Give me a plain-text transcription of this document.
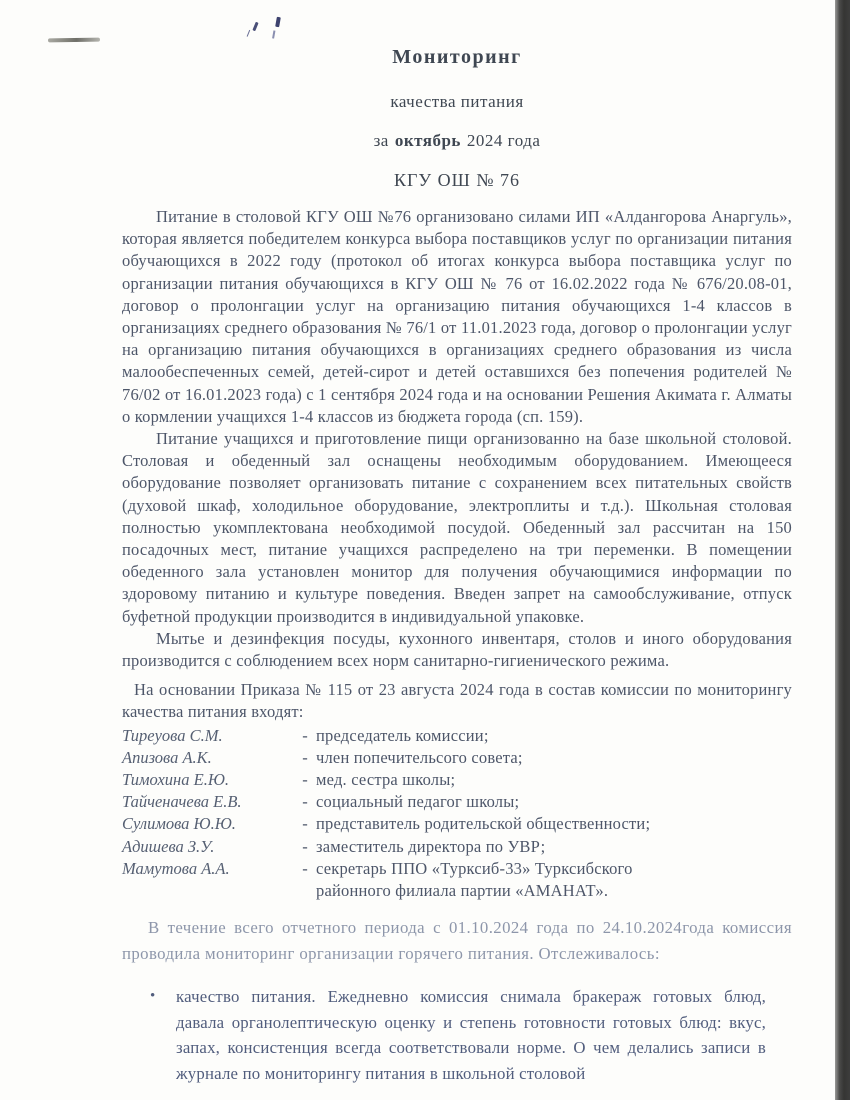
Мониторинг
качества питания
за октябрь 2024 года
КГУ ОШ № 76

Питание в столовой КГУ ОШ №76 организовано силами ИП «Алдангорова Анаргуль», которая является победителем конкурса выбора поставщиков услуг по организации питания обучающихся в 2022 году (протокол об итогах конкурса выбора поставщика услуг по организации питания обучающихся в КГУ ОШ № 76 от 16.02.2022 года № 676/20.08-01, договор о пролонгации услуг на организацию питания обучающихся 1-4 классов в организациях среднего образования № 76/1 от 11.01.2023 года, договор о пролонгации услуг на организацию питания обучающихся в организациях среднего образования из числа малообеспеченных семей, детей-сирот и детей оставшихся без попечения родителей № 76/02 от 16.01.2023 года) с 1 сентября 2024 года и на основании Решения Акимата г. Алматы о кормлении учащихся 1-4 классов из бюджета города (сп. 159).

Питание учащихся и приготовление пищи организованно на базе школьной столовой. Столовая и обеденный зал оснащены необходимым оборудованием. Имеющееся оборудование позволяет организовать питание с сохранением всех питательных свойств (духовой шкаф, холодильное оборудование, электроплиты и т.д.). Школьная столовая полностью укомплектована необходимой посудой. Обеденный зал рассчитан на 150 посадочных мест, питание учащихся распределено на три переменки. В помещении обеденного зала установлен монитор для получения обучающимися информации по здоровому питанию и культуре поведения. Введен запрет на самообслуживание, отпуск буфетной продукции производится в индивидуальной упаковке.

Мытье и дезинфекция посуды, кухонного инвентаря, столов и иного оборудования производится с соблюдением всех норм санитарно-гигиенического режима.

На основании Приказа № 115 от 23 августа 2024 года в состав комиссии по мониторингу качества питания входят:

Тиреуова С.М.	- председатель комиссии;
Апизова А.К.	- член попечительсого совета;
Тимохина Е.Ю.	- мед. сестра школы;
Тайченачева Е.В.	- социальный педагог школы;
Сулимова Ю.Ю.	- представитель родительской общественности;
Адишева З.У.	- заместитель директора по УВР;
Мамутова А.А.	- секретарь ППО «Турксиб-33» Турксибского районного филиала партии «АМАНАТ».

В течение всего отчетного периода с 01.10.2024 года по 24.10.2024года комиссия проводила мониторинг организации горячего питания. Отслеживалось:

•	качество питания. Ежедневно комиссия снимала бракераж готовых блюд, давала органолептическую оценку и степень готовности готовых блюд: вкус, запах, консистенция всегда соответствовали норме. О чем делались записи в журнале по мониторингу питания в школьной столовой
